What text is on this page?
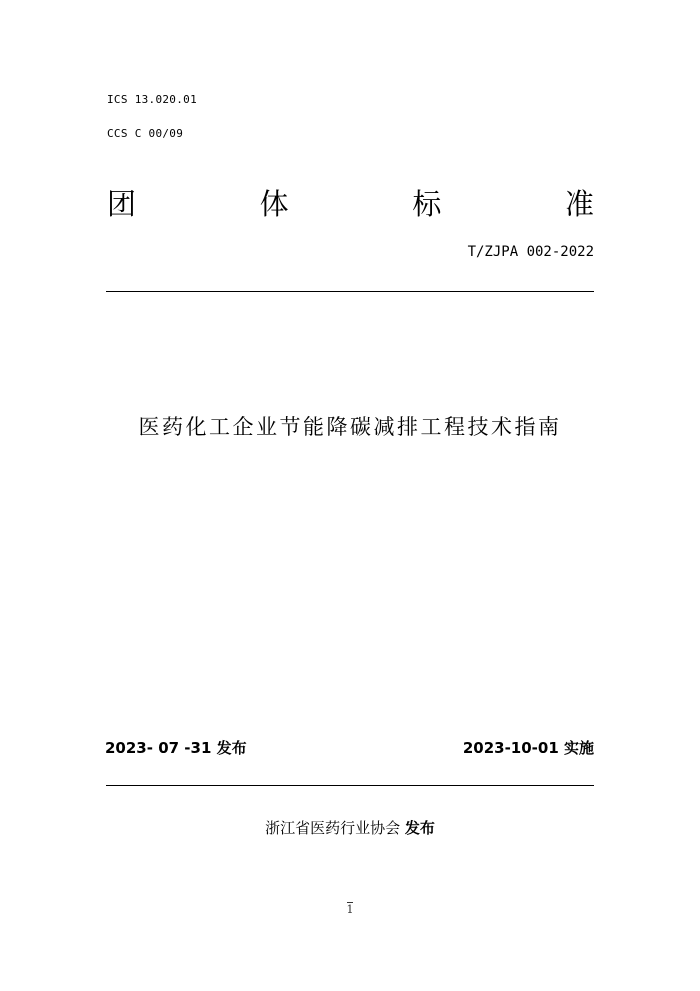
ICS 13.020.01
CCS C 00/09
团	体	标	准
T/ZJPA 002-2022
医药化工企业节能降碳减排工程技术指南
2023- 07 -31 发布	2023-10-01 实施
浙江省医药行业协会 发布
1
